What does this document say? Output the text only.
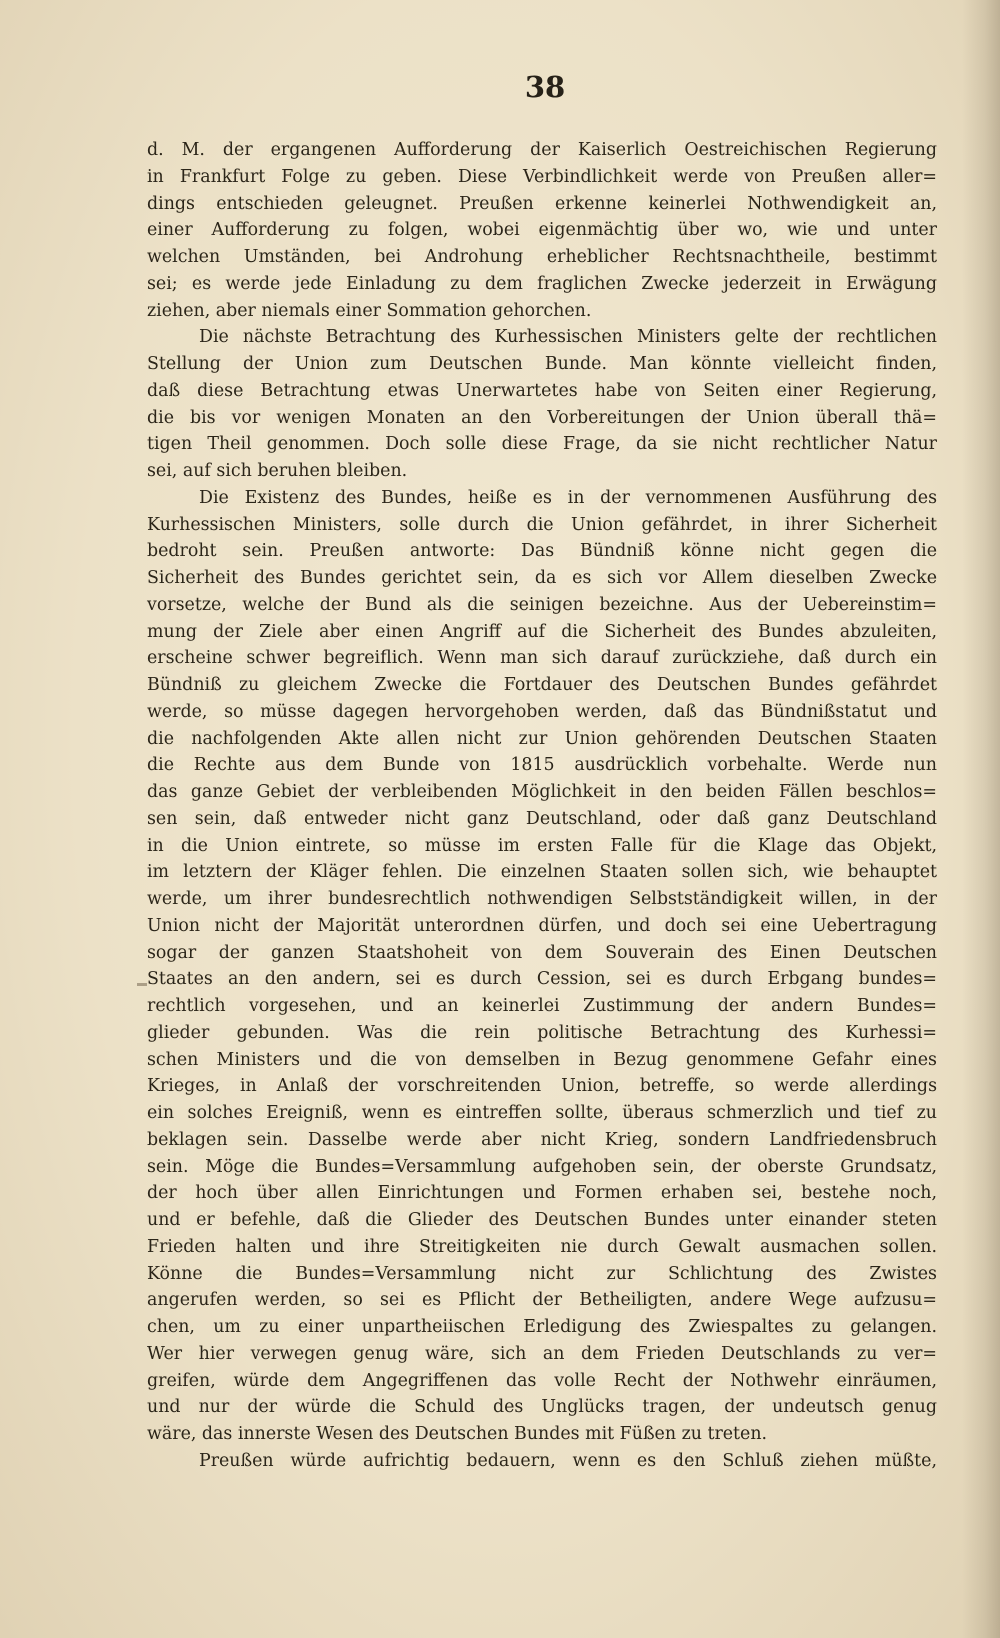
38
d. M. der ergangenen Aufforderung der Kaiserlich Oestreichischen Regierung
in Frankfurt Folge zu geben. Diese Verbindlichkeit werde von Preußen aller=
dings entschieden geleugnet. Preußen erkenne keinerlei Nothwendigkeit an,
einer Aufforderung zu folgen, wobei eigenmächtig über wo, wie und unter
welchen Umständen, bei Androhung erheblicher Rechtsnachtheile, bestimmt
sei; es werde jede Einladung zu dem fraglichen Zwecke jederzeit in Erwägung
ziehen, aber niemals einer Sommation gehorchen.
Die nächste Betrachtung des Kurhessischen Ministers gelte der rechtlichen
Stellung der Union zum Deutschen Bunde. Man könnte vielleicht finden,
daß diese Betrachtung etwas Unerwartetes habe von Seiten einer Regierung,
die bis vor wenigen Monaten an den Vorbereitungen der Union überall thä=
tigen Theil genommen. Doch solle diese Frage, da sie nicht rechtlicher Natur
sei, auf sich beruhen bleiben.
Die Existenz des Bundes, heiße es in der vernommenen Ausführung des
Kurhessischen Ministers, solle durch die Union gefährdet, in ihrer Sicherheit
bedroht sein. Preußen antworte: Das Bündniß könne nicht gegen die
Sicherheit des Bundes gerichtet sein, da es sich vor Allem dieselben Zwecke
vorsetze, welche der Bund als die seinigen bezeichne. Aus der Uebereinstim=
mung der Ziele aber einen Angriff auf die Sicherheit des Bundes abzuleiten,
erscheine schwer begreiflich. Wenn man sich darauf zurückziehe, daß durch ein
Bündniß zu gleichem Zwecke die Fortdauer des Deutschen Bundes gefährdet
werde, so müsse dagegen hervorgehoben werden, daß das Bündnißstatut und
die nachfolgenden Akte allen nicht zur Union gehörenden Deutschen Staaten
die Rechte aus dem Bunde von 1815 ausdrücklich vorbehalte. Werde nun
das ganze Gebiet der verbleibenden Möglichkeit in den beiden Fällen beschlos=
sen sein, daß entweder nicht ganz Deutschland, oder daß ganz Deutschland
in die Union eintrete, so müsse im ersten Falle für die Klage das Objekt,
im letztern der Kläger fehlen. Die einzelnen Staaten sollen sich, wie behauptet
werde, um ihrer bundesrechtlich nothwendigen Selbstständigkeit willen, in der
Union nicht der Majorität unterordnen dürfen, und doch sei eine Uebertragung
sogar der ganzen Staatshoheit von dem Souverain des Einen Deutschen
Staates an den andern, sei es durch Cession, sei es durch Erbgang bundes=
rechtlich vorgesehen, und an keinerlei Zustimmung der andern Bundes=
glieder gebunden. Was die rein politische Betrachtung des Kurhessi=
schen Ministers und die von demselben in Bezug genommene Gefahr eines
Krieges, in Anlaß der vorschreitenden Union, betreffe, so werde allerdings
ein solches Ereigniß, wenn es eintreffen sollte, überaus schmerzlich und tief zu
beklagen sein. Dasselbe werde aber nicht Krieg, sondern Landfriedensbruch
sein. Möge die Bundes=Versammlung aufgehoben sein, der oberste Grundsatz,
der hoch über allen Einrichtungen und Formen erhaben sei, bestehe noch,
und er befehle, daß die Glieder des Deutschen Bundes unter einander steten
Frieden halten und ihre Streitigkeiten nie durch Gewalt ausmachen sollen.
Könne die Bundes=Versammlung nicht zur Schlichtung des Zwistes
angerufen werden, so sei es Pflicht der Betheiligten, andere Wege aufzusu=
chen, um zu einer unpartheiischen Erledigung des Zwiespaltes zu gelangen.
Wer hier verwegen genug wäre, sich an dem Frieden Deutschlands zu ver=
greifen, würde dem Angegriffenen das volle Recht der Nothwehr einräumen,
und nur der würde die Schuld des Unglücks tragen, der undeutsch genug
wäre, das innerste Wesen des Deutschen Bundes mit Füßen zu treten.
Preußen würde aufrichtig bedauern, wenn es den Schluß ziehen müßte,
